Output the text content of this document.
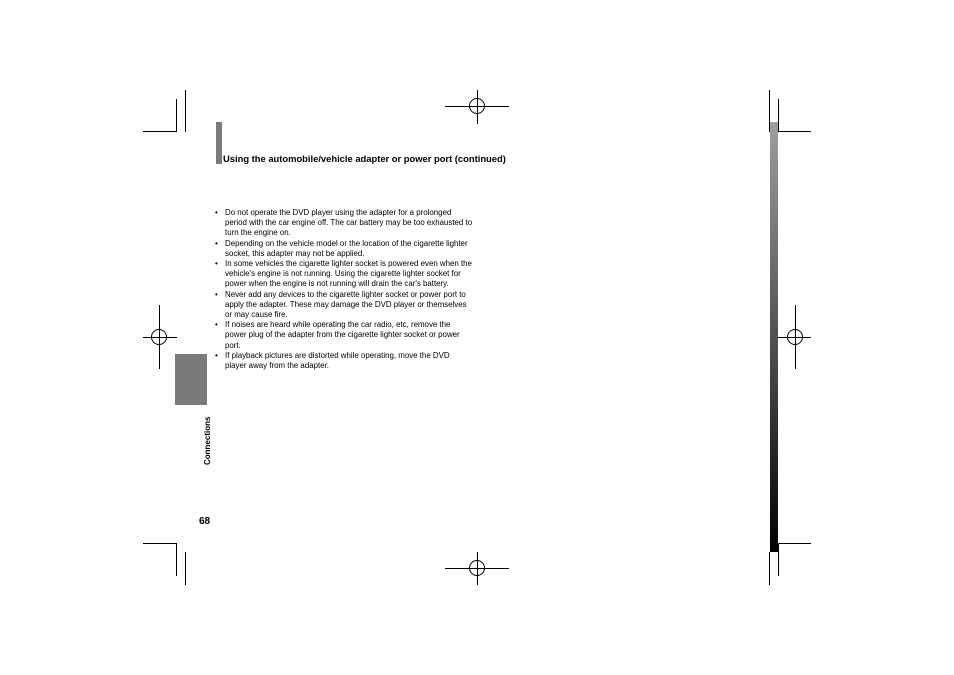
Using the automobile/vehicle adapter or power port (continued)
• Do not operate the DVD player using the adapter for a prolonged period with the car engine off. The car battery may be too exhausted to turn the engine on.
• Depending on the vehicle model or the location of the cigarette lighter socket, this adapter may not be applied.
• In some vehicles the cigarette lighter socket is powered even when the vehicle's engine is not running. Using the cigarette lighter socket for power when the engine is not running will drain the car's battery.
• Never add any devices to the cigarette lighter socket or power port to apply the adapter. These may damage the DVD player or themselves or may cause fire.
• If noises are heard while operating the car radio, etc, remove the power plug of the adapter from the cigarette lighter socket or power port.
• If playback pictures are distorted while operating, move the DVD player away from the adapter.
Connections
68
